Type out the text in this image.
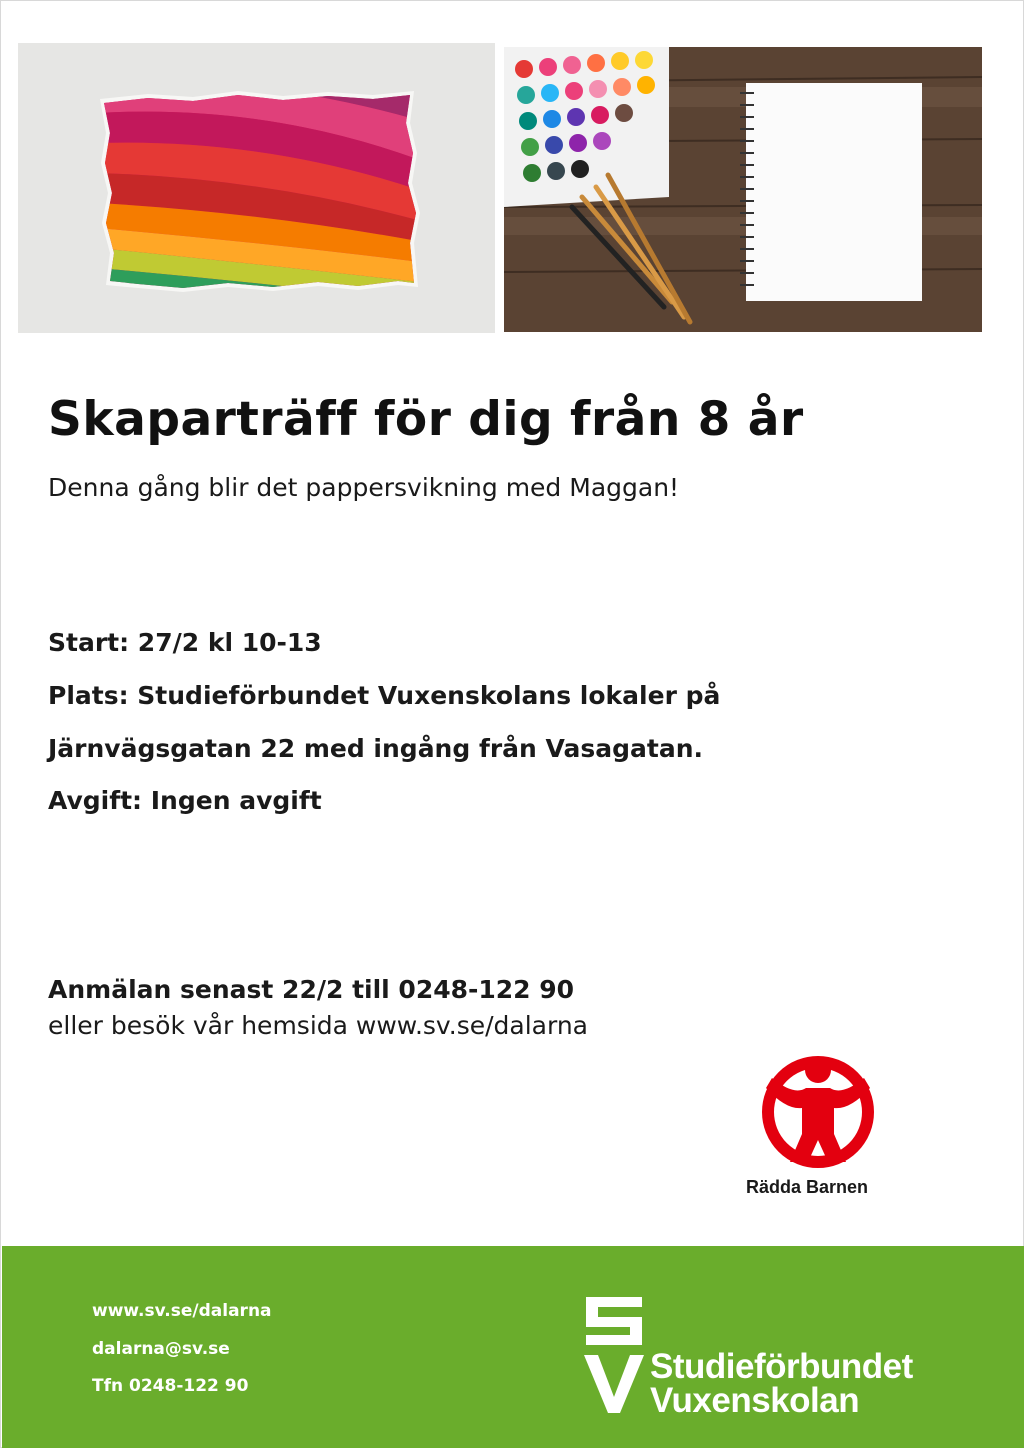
Skaparträff för dig från 8 år

Denna gång blir det pappersvikning med Maggan!

Start: 27/2 kl 10-13

Plats: Studieförbundet Vuxenskolans lokaler på

Järnvägsgatan 22 med ingång från Vasagatan.

Avgift: Ingen avgift

Anmälan senast 22/2 till 0248-122 90

eller besök vår hemsida www.sv.se/dalarna

Rädda Barnen

www.sv.se/dalarna

dalarna@sv.se

Tfn 0248-122 90	Studieförbundet

Vuxenskolan
